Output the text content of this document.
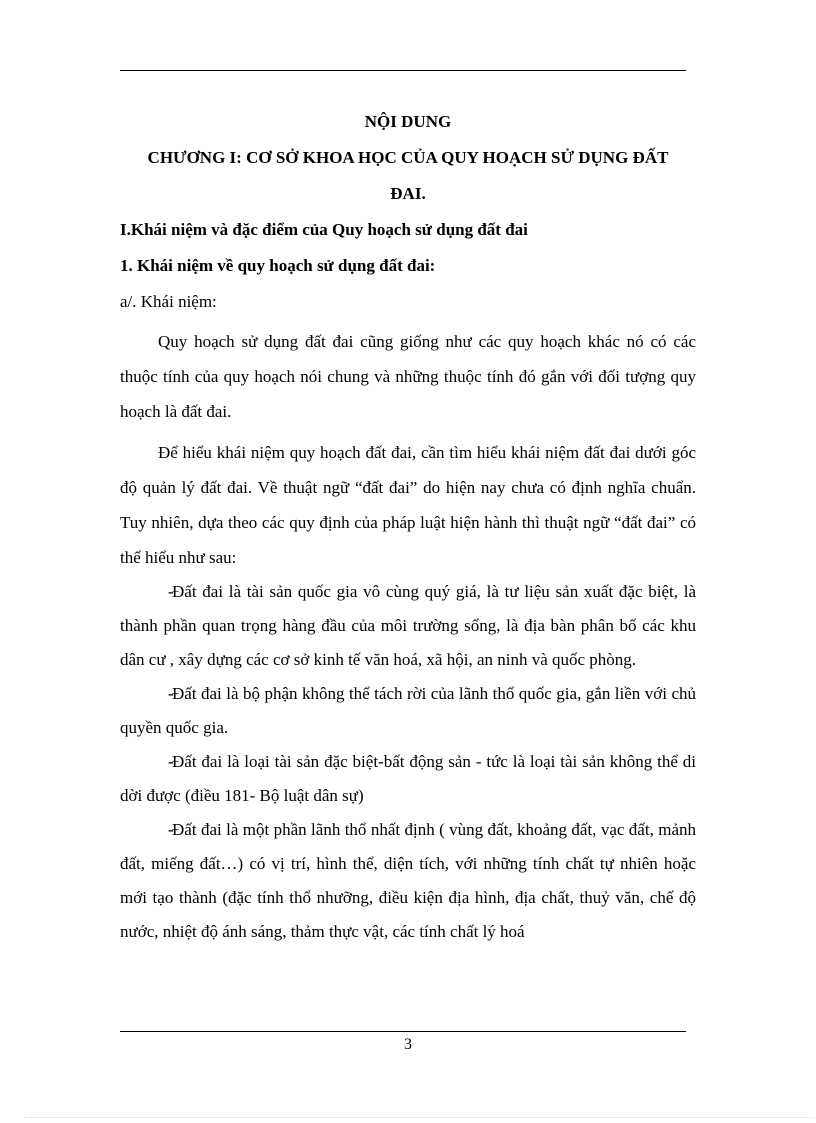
NỘI DUNG

CHƯƠNG I: CƠ SỞ KHOA HỌC CỦA QUY HOẠCH SỬ DỤNG ĐẤT

ĐAI.

I.Khái niệm và đặc điểm của Quy hoạch sử dụng đất đai

1. Khái niệm về quy hoạch sử dụng đất đai:

a/. Khái niệm:

Quy hoạch sử dụng đất đai cũng giống như các quy hoạch khác nó có các thuộc tính của quy hoạch nói chung và những thuộc tính đó gắn với đối tượng quy hoạch là đất đai.

Để hiểu khái niệm quy hoạch đất đai, cần tìm hiểu khái niệm đất đai dưới góc độ quản lý đất đai. Về thuật ngữ “đất đai” do hiện nay chưa có định nghĩa chuẩn. Tuy nhiên, dựa theo các quy định của pháp luật hiện hành thì thuật ngữ “đất đai” có thể hiểu như sau:

-Đất đai là tài sản quốc gia vô cùng quý giá, là tư liệu sản xuất đặc biệt, là thành phần quan trọng hàng đầu của môi trường sống, là địa bàn phân bố các khu dân cư , xây dựng các cơ sở kinh tế văn hoá, xã hội, an ninh và quốc phòng.

-Đất đai là bộ phận không thể tách rời của lãnh thổ quốc gia, gắn liền với chủ quyền quốc gia.

-Đất đai là loại tài sản đặc biệt-bất động sản - tức là loại tài sản không thể di dời được (điều 181- Bộ luật dân sự)

-Đất đai là một phần lãnh thổ nhất định ( vùng đất, khoảng đất, vạc đất, mảnh đất, miếng đất…) có vị trí, hình thể, diện tích, với những tính chất tự nhiên hoặc mới tạo thành (đặc tính thổ nhưỡng, điều kiện địa hình, địa chất, thuỷ văn, chế độ nước, nhiệt độ ánh sáng, thảm thực vật, các tính chất lý hoá

3
